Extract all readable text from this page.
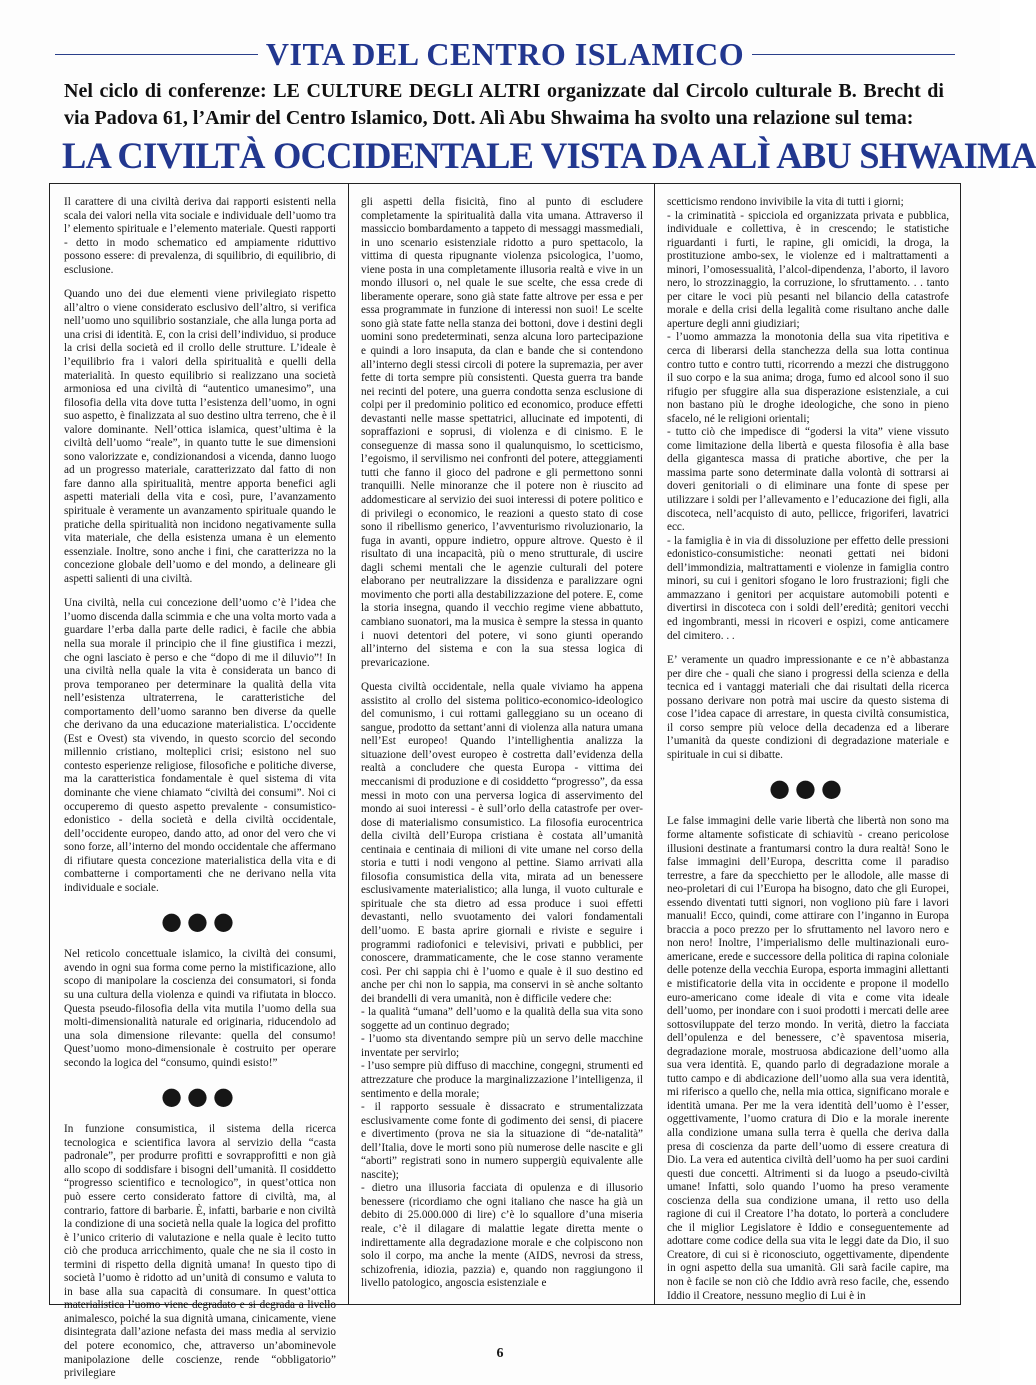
VITA DEL CENTRO ISLAMICO
Nel ciclo di conferenze: LE CULTURE DEGLI ALTRI organizzate dal Circolo culturale B. Brecht di via Padova 61, l’Amir del Centro Islamico, Dott. Alì Abu Shwaima ha svolto una relazione sul tema:
LA CIVILTÀ OCCIDENTALE VISTA DA ALÌ ABU SHWAIMA

Il carattere di una civiltà deriva dai rapporti esistenti nella scala dei valori nella vita sociale e individuale dell’uomo tra l’ elemento spirituale e l’elemento materiale. Questi rapporti - detto in modo schematico ed ampiamente riduttivo possono essere: di prevalenza, di squilibrio, di equilibrio, di esclusione.

Quando uno dei due elementi viene privilegiato rispetto all’altro o viene considerato esclusivo dell’altro, si verifica nell’uomo uno squilibrio sostanziale, che alla lunga porta ad una crisi di identità. E, con la crisi dell’individuo, si produce la crisi della società ed il crollo delle strutture. L’ideale è l’equilibrio fra i valori della spiritualità e quelli della materialità. In questo equilibrio si realizzano una società armoniosa ed una civiltà di “autentico umanesimo”, una filosofia della vita dove tutta l’esistenza dell’uomo, in ogni suo aspetto, è finalizzata al suo destino ultra terreno, che è il valore dominante. Nell’ottica islamica, quest’ultima è la civiltà dell’uomo “reale”, in quanto tutte le sue dimensioni sono valorizzate e, condizionandosi a vicenda, danno luogo ad un progresso materiale, caratterizzato dal fatto di non fare danno alla spiritualità, mentre apporta benefici agli aspetti materiali della vita e così, pure, l’avanzamento spirituale è veramente un avanzamento spirituale quando le pratiche della spiritualità non incidono negativamente sulla vita materiale, che della esistenza umana è un elemento essenziale. Inoltre, sono anche i fini, che caratterizza no la concezione globale dell’uomo e del mondo, a delineare gli aspetti salienti di una civiltà.

Una civiltà, nella cui concezione dell’uomo c’è l’idea che l’uomo discenda dalla scimmia e che una volta morto vada a guardare l’erba dalla parte delle radici, è facile che abbia nella sua morale il principio che il fine giustifica i mezzi, che ogni lasciato è perso e che “dopo di me il diluvio”! In una civiltà nella quale la vita è considerata un banco di prova temporaneo per determinare la qualità della vita nell’esistenza ultraterrena, le caratteristiche del comportamento dell’uomo saranno ben diverse da quelle che derivano da una educazione materialistica. L’occidente (Est e Ovest) sta vivendo, in questo scorcio del secondo millennio cristiano, molteplici crisi; esistono nel suo contesto esperienze religiose, filosofiche e politiche diverse, ma la caratteristica fondamentale è quel sistema di vita dominante che viene chiamato “civiltà dei consumi”. Noi ci occuperemo di questo aspetto prevalente - consumistico-edonistico - della società e della civiltà occidentale, dell’occidente europeo, dando atto, ad onor del vero che vi sono forze, all’interno del mondo occidentale che affermano di rifiutare questa concezione materialistica della vita e di combatterne i comportamenti che ne derivano nella vita individuale e sociale.

●●●

Nel reticolo concettuale islamico, la civiltà dei consumi, avendo in ogni sua forma come perno la mistificazione, allo scopo di manipolare la coscienza dei consumatori, si fonda su una cultura della violenza e quindi va rifiutata in blocco. Questa pseudo-filosofia della vita mutila l’uomo della sua molti-dimensionalità naturale ed originaria, riducendolo ad una sola dimensione rilevante: quella del consumo! Quest’uomo mono-dimensionale è costruito per operare secondo la logica del “consumo, quindi esisto!”

●●●

In funzione consumistica, il sistema della ricerca tecnologica e scientifica lavora al servizio della “casta padronale”, per produrre profitti e sovrapprofitti e non già allo scopo di soddisfare i bisogni dell’umanità. Il cosiddetto “progresso scientifico e tecnologico”, in quest’ottica non può essere certo considerato fattore di civiltà, ma, al contrario, fattore di barbarie. È, infatti, barbarie e non civiltà la condizione di una società nella quale la logica del profitto è l’unico criterio di valutazione e nella quale è lecito tutto ciò che produca arricchimento, quale che ne sia il costo in termini di rispetto della dignità umana! In questo tipo di società l’uomo è ridotto ad un’unità di consumo e valuta to in base alla sua capacità di consumare. In quest’ottica materialistica l’uomo viene degradato e si degrada a livello animalesco, poiché la sua dignità umana, cinicamente, viene disintegrata dall’azione nefasta dei mass media al servizio del potere economico, che, attraverso un’abominevole manipolazione delle coscienze, rende “obbligatorio” privilegiare

gli aspetti della fisicità, fino al punto di escludere completamente la spiritualità dalla vita umana. Attraverso il massiccio bombardamento a tappeto di messaggi massmediali, in uno scenario esistenziale ridotto a puro spettacolo, la vittima di questa ripugnante violenza psicologica, l’uomo, viene posta in una completamente illusoria realtà e vive in un mondo illusori o, nel quale le sue scelte, che essa crede di liberamente operare, sono già state fatte altrove per essa e per essa programmate in funzione di interessi non suoi! Le scelte sono già state fatte nella stanza dei bottoni, dove i destini degli uomini sono predeterminati, senza alcuna loro partecipazione e quindi a loro insaputa, da clan e bande che si contendono all’interno degli stessi circoli di potere la supremazia, per aver fette di torta sempre più consistenti. Questa guerra tra bande nei recinti del potere, una guerra condotta senza esclusione di colpi per il predominio politico ed economico, produce effetti devastanti nelle masse spettatrici, allucinate ed impotenti, di sopraffazioni e soprusi, di violenza e di cinismo. E le conseguenze di massa sono il qualunquismo, lo scetticismo, l’egoismo, il servilismo nei confronti del potere, atteggiamenti tutti che fanno il gioco del padrone e gli permettono sonni tranquilli. Nelle minoranze che il potere non è riuscito ad addomesticare al servizio dei suoi interessi di potere politico e di privilegi o economico, le reazioni a questo stato di cose sono il ribellismo generico, l’avventurismo rivoluzionario, la fuga in avanti, oppure indietro, oppure altrove. Questo è il risultato di una incapacità, più o meno strutturale, di uscire dagli schemi mentali che le agenzie culturali del potere elaborano per neutralizzare la dissidenza e paralizzare ogni movimento che porti alla destabilizzazione del potere. E, come la storia insegna, quando il vecchio regime viene abbattuto, cambiano suonatori, ma la musica è sempre la stessa in quanto i nuovi detentori del potere, vi sono giunti operando all’interno del sistema e con la sua stessa logica di prevaricazione.

Questa civiltà occidentale, nella quale viviamo ha appena assistito al crollo del sistema politico-economico-ideologico del comunismo, i cui rottami galleggiano su un oceano di sangue, prodotto da settant’anni di violenza alla natura umana nell’Est europeo! Quando l’intellighentia analizza la situazione dell’ovest europeo è costretta dall’evidenza della realtà a concludere che questa Europa - vittima dei meccanismi di produzione e di cosiddetto “progresso”, da essa messi in moto con una perversa logica di asservimento del mondo ai suoi interessi - è sull’orlo della catastrofe per over-dose di materialismo consumistico. La filosofia eurocentrica della civiltà dell’Europa cristiana è costata all’umanità centinaia e centinaia di milioni di vite umane nel corso della storia e tutti i nodi vengono al pettine. Siamo arrivati alla filosofia consumistica della vita, mirata ad un benessere esclusivamente materialistico; alla lunga, il vuoto culturale e spirituale che sta dietro ad essa produce i suoi effetti devastanti, nello svuotamento dei valori fondamentali dell’uomo. E basta aprire giornali e riviste e seguire i programmi radiofonici e televisivi, privati e pubblici, per conoscere, drammaticamente, che le cose stanno veramente così. Per chi sappia chi è l’uomo e quale è il suo destino ed anche per chi non lo sappia, ma conservi in sè anche soltanto dei brandelli di vera umanità, non è difficile vedere che:
- la qualità “umana” dell’uomo e la qualità della sua vita sono soggette ad un continuo degrado;
- l’uomo sta diventando sempre più un servo delle macchine inventate per servirlo;
- l’uso sempre più diffuso di macchine, congegni, strumenti ed attrezzature che produce la marginalizzazione l’intelligenza, il sentimento e della morale;
- il rapporto sessuale è dissacrato e strumentalizzata esclusivamente come fonte di godimento dei sensi, di piacere e divertimento (prova ne sia la situazione di “de-natalità” dell’Italia, dove le morti sono più numerose delle nascite e gli “aborti” registrati sono in numero suppergiù equivalente alle nascite);
- dietro una illusoria facciata di opulenza e di illusorio benessere (ricordiamo che ogni italiano che nasce ha già un debito di 25.000.000 di lire) c’è lo squallore d’una miseria reale, c’è il dilagare di malattie legate diretta mente o indirettamente alla degradazione morale e che colpiscono non solo il corpo, ma anche la mente (AIDS, nevrosi da stress, schizofrenia, idiozia, pazzia) e, quando non raggiungono il livello patologico, angoscia esistenziale e

scetticismo rendono invivibile la vita di tutti i giorni;
- la criminatità - spicciola ed organizzata privata e pubblica, individuale e collettiva, è in crescendo; le statistiche riguardanti i furti, le rapine, gli omicidi, la droga, la prostituzione ambo-sex, le violenze ed i maltrattamenti a minori, l’omosessualità, l’alcol-dipendenza, l’aborto, il lavoro nero, lo strozzinaggio, la corruzione, lo sfruttamento. . . tanto per citare le voci più pesanti nel bilancio della catastrofe morale e della crisi della legalità come risultano anche dalle aperture degli anni giudiziari;
- l’uomo ammazza la monotonia della sua vita ripetitiva e cerca di liberarsi della stanchezza della sua lotta continua contro tutto e contro tutti, ricorrendo a mezzi che distruggono il suo corpo e la sua anima; droga, fumo ed alcool sono il suo rifugio per sfuggire alla sua disperazione esistenziale, a cui non bastano più le droghe ideologiche, che sono in pieno sfacelo, né le religioni orientali;
- tutto ciò che impedisce di “godersi la vita” viene vissuto come limitazione della libertà e questa filosofia è alla base della gigantesca massa di pratiche abortive, che per la massima parte sono determinate dalla volontà di sottrarsi ai doveri genitoriali o di eliminare una fonte di spese per utilizzare i soldi per l’allevamento e l’educazione dei figli, alla discoteca, nell’acquisto di auto, pellicce, frigoriferi, lavatrici ecc.
- la famiglia è in via di dissoluzione per effetto delle pressioni edonistico-consumistiche: neonati gettati nei bidoni dell’immondizia, maltrattamenti e violenze in famiglia contro minori, su cui i genitori sfogano le loro frustrazioni; figli che ammazzano i genitori per acquistare automobili potenti e divertirsi in discoteca con i soldi dell’eredità; genitori vecchi ed ingombranti, messi in ricoveri e ospizi, come anticamere del cimitero. . .

E’ veramente un quadro impressionante e ce n’è abbastanza per dire che - quali che siano i progressi della scienza e della tecnica ed i vantaggi materiali che dai risultati della ricerca possano derivare non potrà mai uscire da questo sistema di cose l’idea capace di arrestare, in questa civiltà consumistica, il corso sempre più veloce della decadenza ed a liberare l’umanità da queste condizioni di degradazione materiale e spirituale in cui si dibatte.

●●●

Le false immagini delle varie libertà che libertà non sono ma forme altamente sofisticate di schiavitù - creano pericolose illusioni destinate a frantumarsi contro la dura realtà! Sono le false immagini dell’Europa, descritta come il paradiso terrestre, a fare da specchietto per le allodole, alle masse di neo-proletari di cui l’Europa ha bisogno, dato che gli Europei, essendo diventati tutti signori, non vogliono più fare i lavori manuali! Ecco, quindi, come attirare con l’inganno in Europa braccia a poco prezzo per lo sfruttamento nel lavoro nero e non nero! Inoltre, l’imperialismo delle multinazionali euro-americane, erede e successore della politica di rapina coloniale delle potenze della vecchia Europa, esporta immagini allettanti e mistificatorie della vita in occidente e propone il modello euro-americano come ideale di vita e come vita ideale dell’uomo, per inondare con i suoi prodotti i mercati delle aree sottosviluppate del terzo mondo. In verità, dietro la facciata dell’opulenza e del benessere, c’è spaventosa miseria, degradazione morale, mostruosa abdicazione dell’uomo alla sua vera identità. E, quando parlo di degradazione morale a tutto campo e di abdicazione dell’uomo alla sua vera identità, mi riferisco a quello che, nella mia ottica, significano morale e identità umana. Per me la vera identità dell’uomo è l’esser, oggettivamente, l’uomo cratura di Dio e la morale inerente alla condizione umana sulla terra è quella che deriva dalla presa di coscienza da parte dell’uomo di essere creatura di Dio. La vera ed autentica civiltà dell’uomo ha per suoi cardini questi due concetti. Altrimenti si da luogo a pseudo-civiltà umane! Infatti, solo quando l’uomo ha preso veramente coscienza della sua condizione umana, il retto uso della ragione di cui il Creatore l’ha dotato, lo porterà a concludere che il miglior Legislatore è Iddio e conseguentemente ad adottare come codice della sua vita le leggi date da Dio, il suo Creatore, di cui si è riconosciuto, oggettivamente, dipendente in ogni aspetto della sua umanità. Gli sarà facile capire, ma non è facile se non ciò che Iddio avrà reso facile, che, essendo Iddio il Creatore, nessuno meglio di Lui è in

6
